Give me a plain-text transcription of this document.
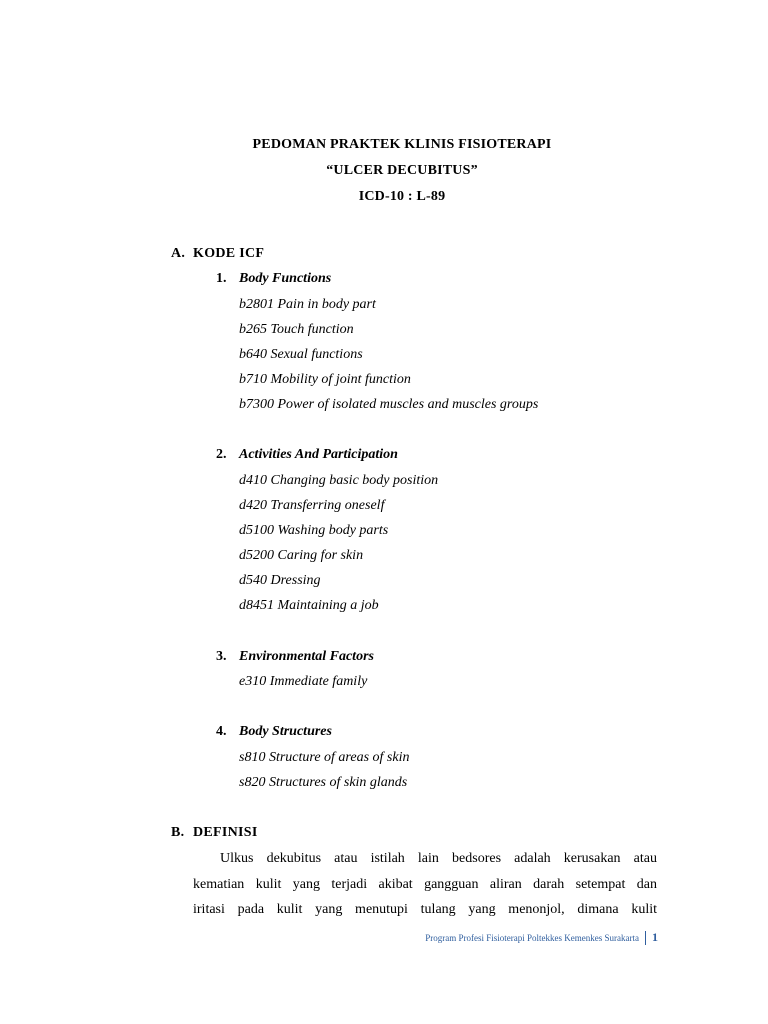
PEDOMAN PRAKTEK KLINIS FISIOTERAPI
“ULCER DECUBITUS”
ICD-10 : L-89
A. KODE ICF
1. Body Functions
b2801 Pain in body part
b265 Touch function
b640 Sexual functions
b710 Mobility of joint function
b7300 Power of isolated muscles and muscles groups
2. Activities And Participation
d410 Changing basic body position
d420 Transferring oneself
d5100 Washing body parts
d5200 Caring for skin
d540 Dressing
d8451 Maintaining a job
3. Environmental Factors
e310 Immediate family
4. Body Structures
s810 Structure of areas of skin
s820 Structures of skin glands
B. DEFINISI

Ulkus dekubitus atau istilah lain bedsores adalah kerusakan atau

kematian kulit yang terjadi akibat gangguan aliran darah setempat dan

iritasi pada kulit yang menutupi tulang yang menonjol, dimana kulit

Program Profesi Fisioterapi Poltekkes Kemenkes Surakarta 1
